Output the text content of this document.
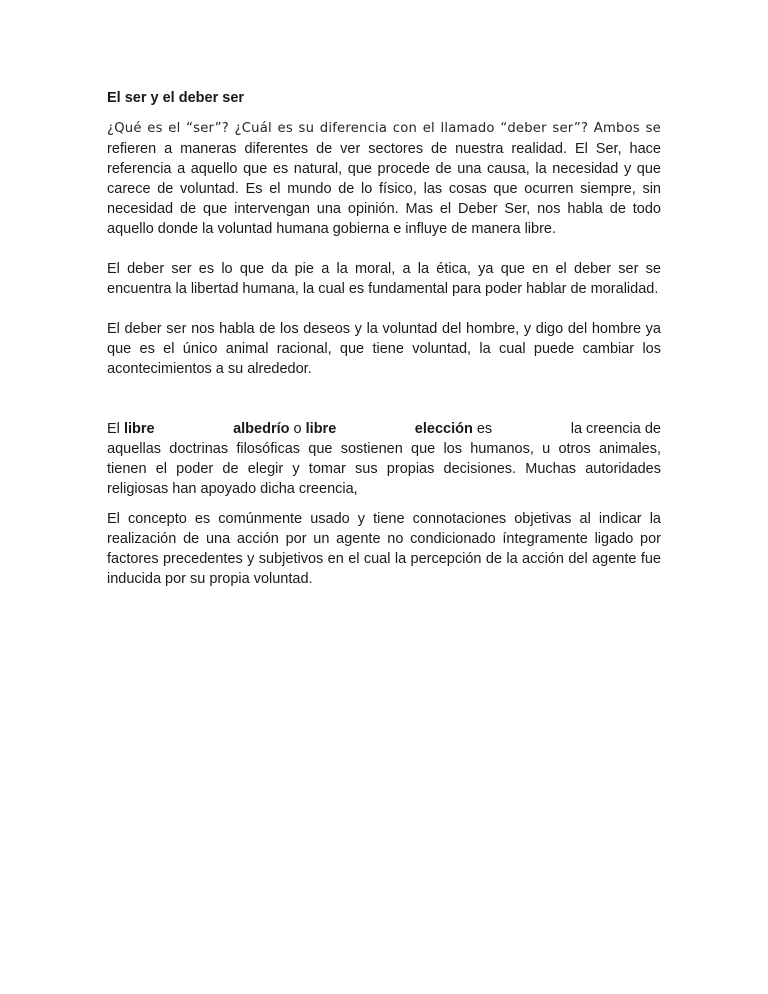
El ser y el deber ser

¿Qué es el “ser”? ¿Cuál es su diferencia con el llamado “deber ser”? Ambos se refieren a maneras diferentes de ver sectores de nuestra realidad. El Ser, hace referencia a aquello que es natural, que procede de una causa, la necesidad y que carece de voluntad. Es el mundo de lo físico, las cosas que ocurren siempre, sin necesidad de que intervengan una opinión. Mas el Deber Ser, nos habla de todo aquello donde la voluntad humana gobierna e influye de manera libre.

El deber ser es lo que da pie a la moral, a la ética, ya que en el deber ser se encuentra la libertad humana, la cual es fundamental para poder hablar de moralidad.

El deber ser nos habla de los deseos y la voluntad del hombre, y digo del hombre ya que es el único animal racional, que tiene voluntad, la cual puede cambiar los acontecimientos a su alrededor.

El libre	albedrío o libre	elección es	la creencia de
aquellas doctrinas filosóficas que sostienen que los humanos, u otros animales, tienen el poder de elegir y tomar sus propias decisiones. Muchas autoridades religiosas han apoyado dicha creencia,

El concepto es comúnmente usado y tiene connotaciones objetivas al indicar la realización de una acción por un agente no condicionado íntegramente ligado por factores precedentes y subjetivos en el cual la percepción de la acción del agente fue inducida por su propia voluntad.
